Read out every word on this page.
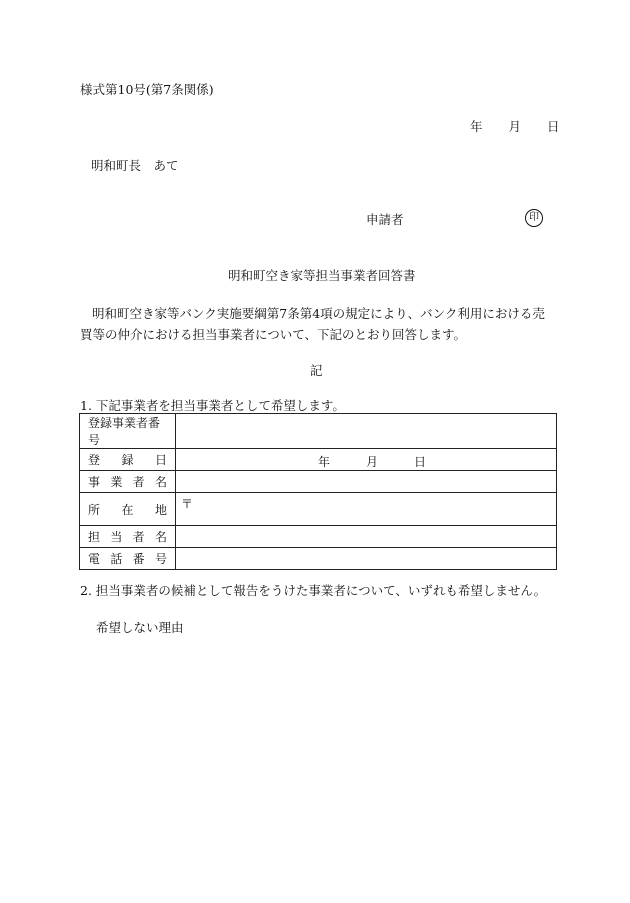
様式第10号(第7条関係)
年 月 日
明和町長　あて
申請者	印
明和町空き家等担当事業者回答書
明和町空き家等バンク実施要綱第7条第4項の規定により、バンク利用における売買等の仲介における担当事業者について、下記のとおり回答します。
記
1. 下記事業者を担当事業者として希望します。
登録事業者番号	

登 録 日	年 月 日

事 業 者 名	

所 在 地	〒

担 当 者 名	

電 話 番 号	

2. 担当事業者の候補として報告をうけた事業者について、いずれも希望しません。
希望しない理由
